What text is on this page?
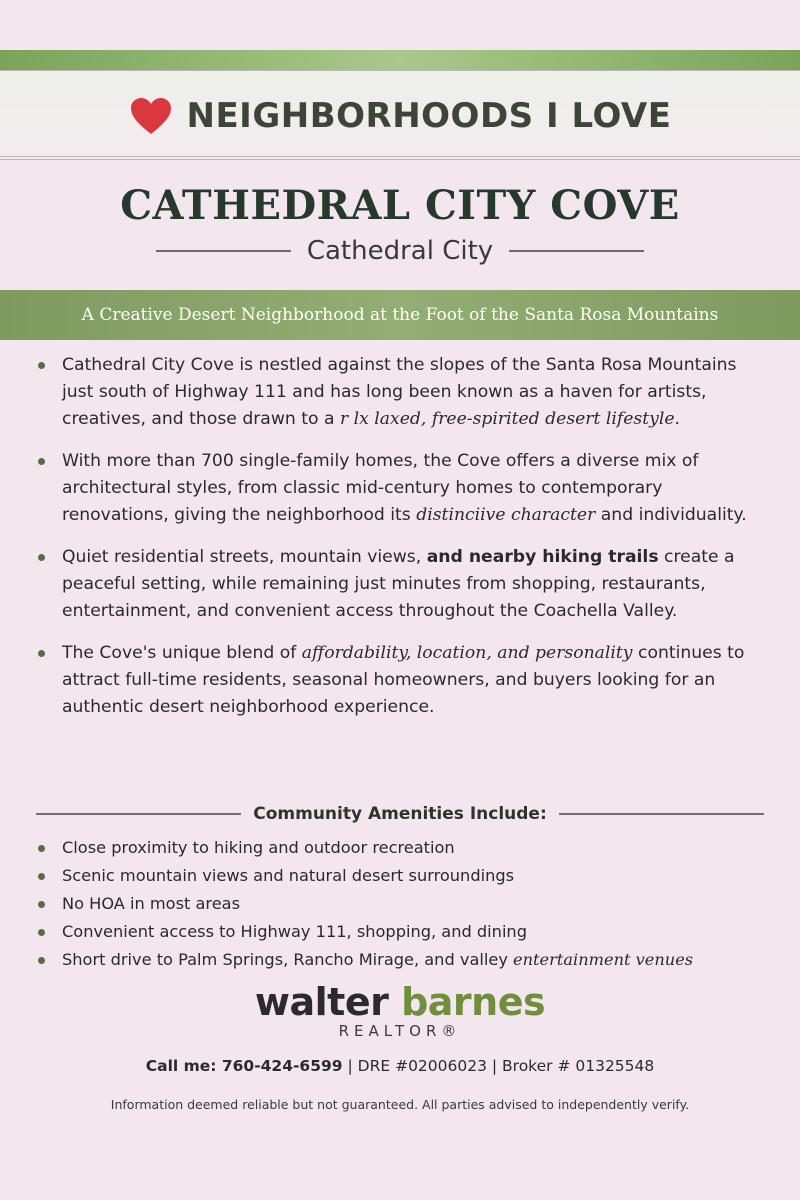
NEIGHBORHOODS I LOVE
CATHEDRAL CITY COVE
Cathedral City
A Creative Desert Neighborhood at the Foot of the Santa Rosa Mountains
Cathedral City Cove is nestled against the slopes of the Santa Rosa Mountains just south of Highway 111 and has long been known as a haven for artists, creatives, and those drawn to a r lx laxed, free-spirited desert lifestyle.
With more than 700 single-family homes, the Cove offers a diverse mix of architectural styles, from classic mid-century homes to contemporary renovations, giving the neighborhood its distinciive character and individuality.
Quiet residential streets, mountain views, and nearby hiking trails create a peaceful setting, while remaining just minutes from shopping, restaurants, entertainment, and convenient access throughout the Coachella Valley.
The Cove's unique blend of affordability, location, and personality continues to attract full-time residents, seasonal homeowners, and buyers looking for an authentic desert neighborhood experience.
Community Amenities Include:
Close proximity to hiking and outdoor recreation
Scenic mountain views and natural desert surroundings
No HOA in most areas
Convenient access to Highway 111, shopping, and dining
Short drive to Palm Springs, Rancho Mirage, and valley entertainment venues
walter barnes
REALTOR®
Call me: 760-424-6599 | DRE #02006023 | Broker # 01325548
Information deemed reliable but not guaranteed. All parties advised to independently verify.
